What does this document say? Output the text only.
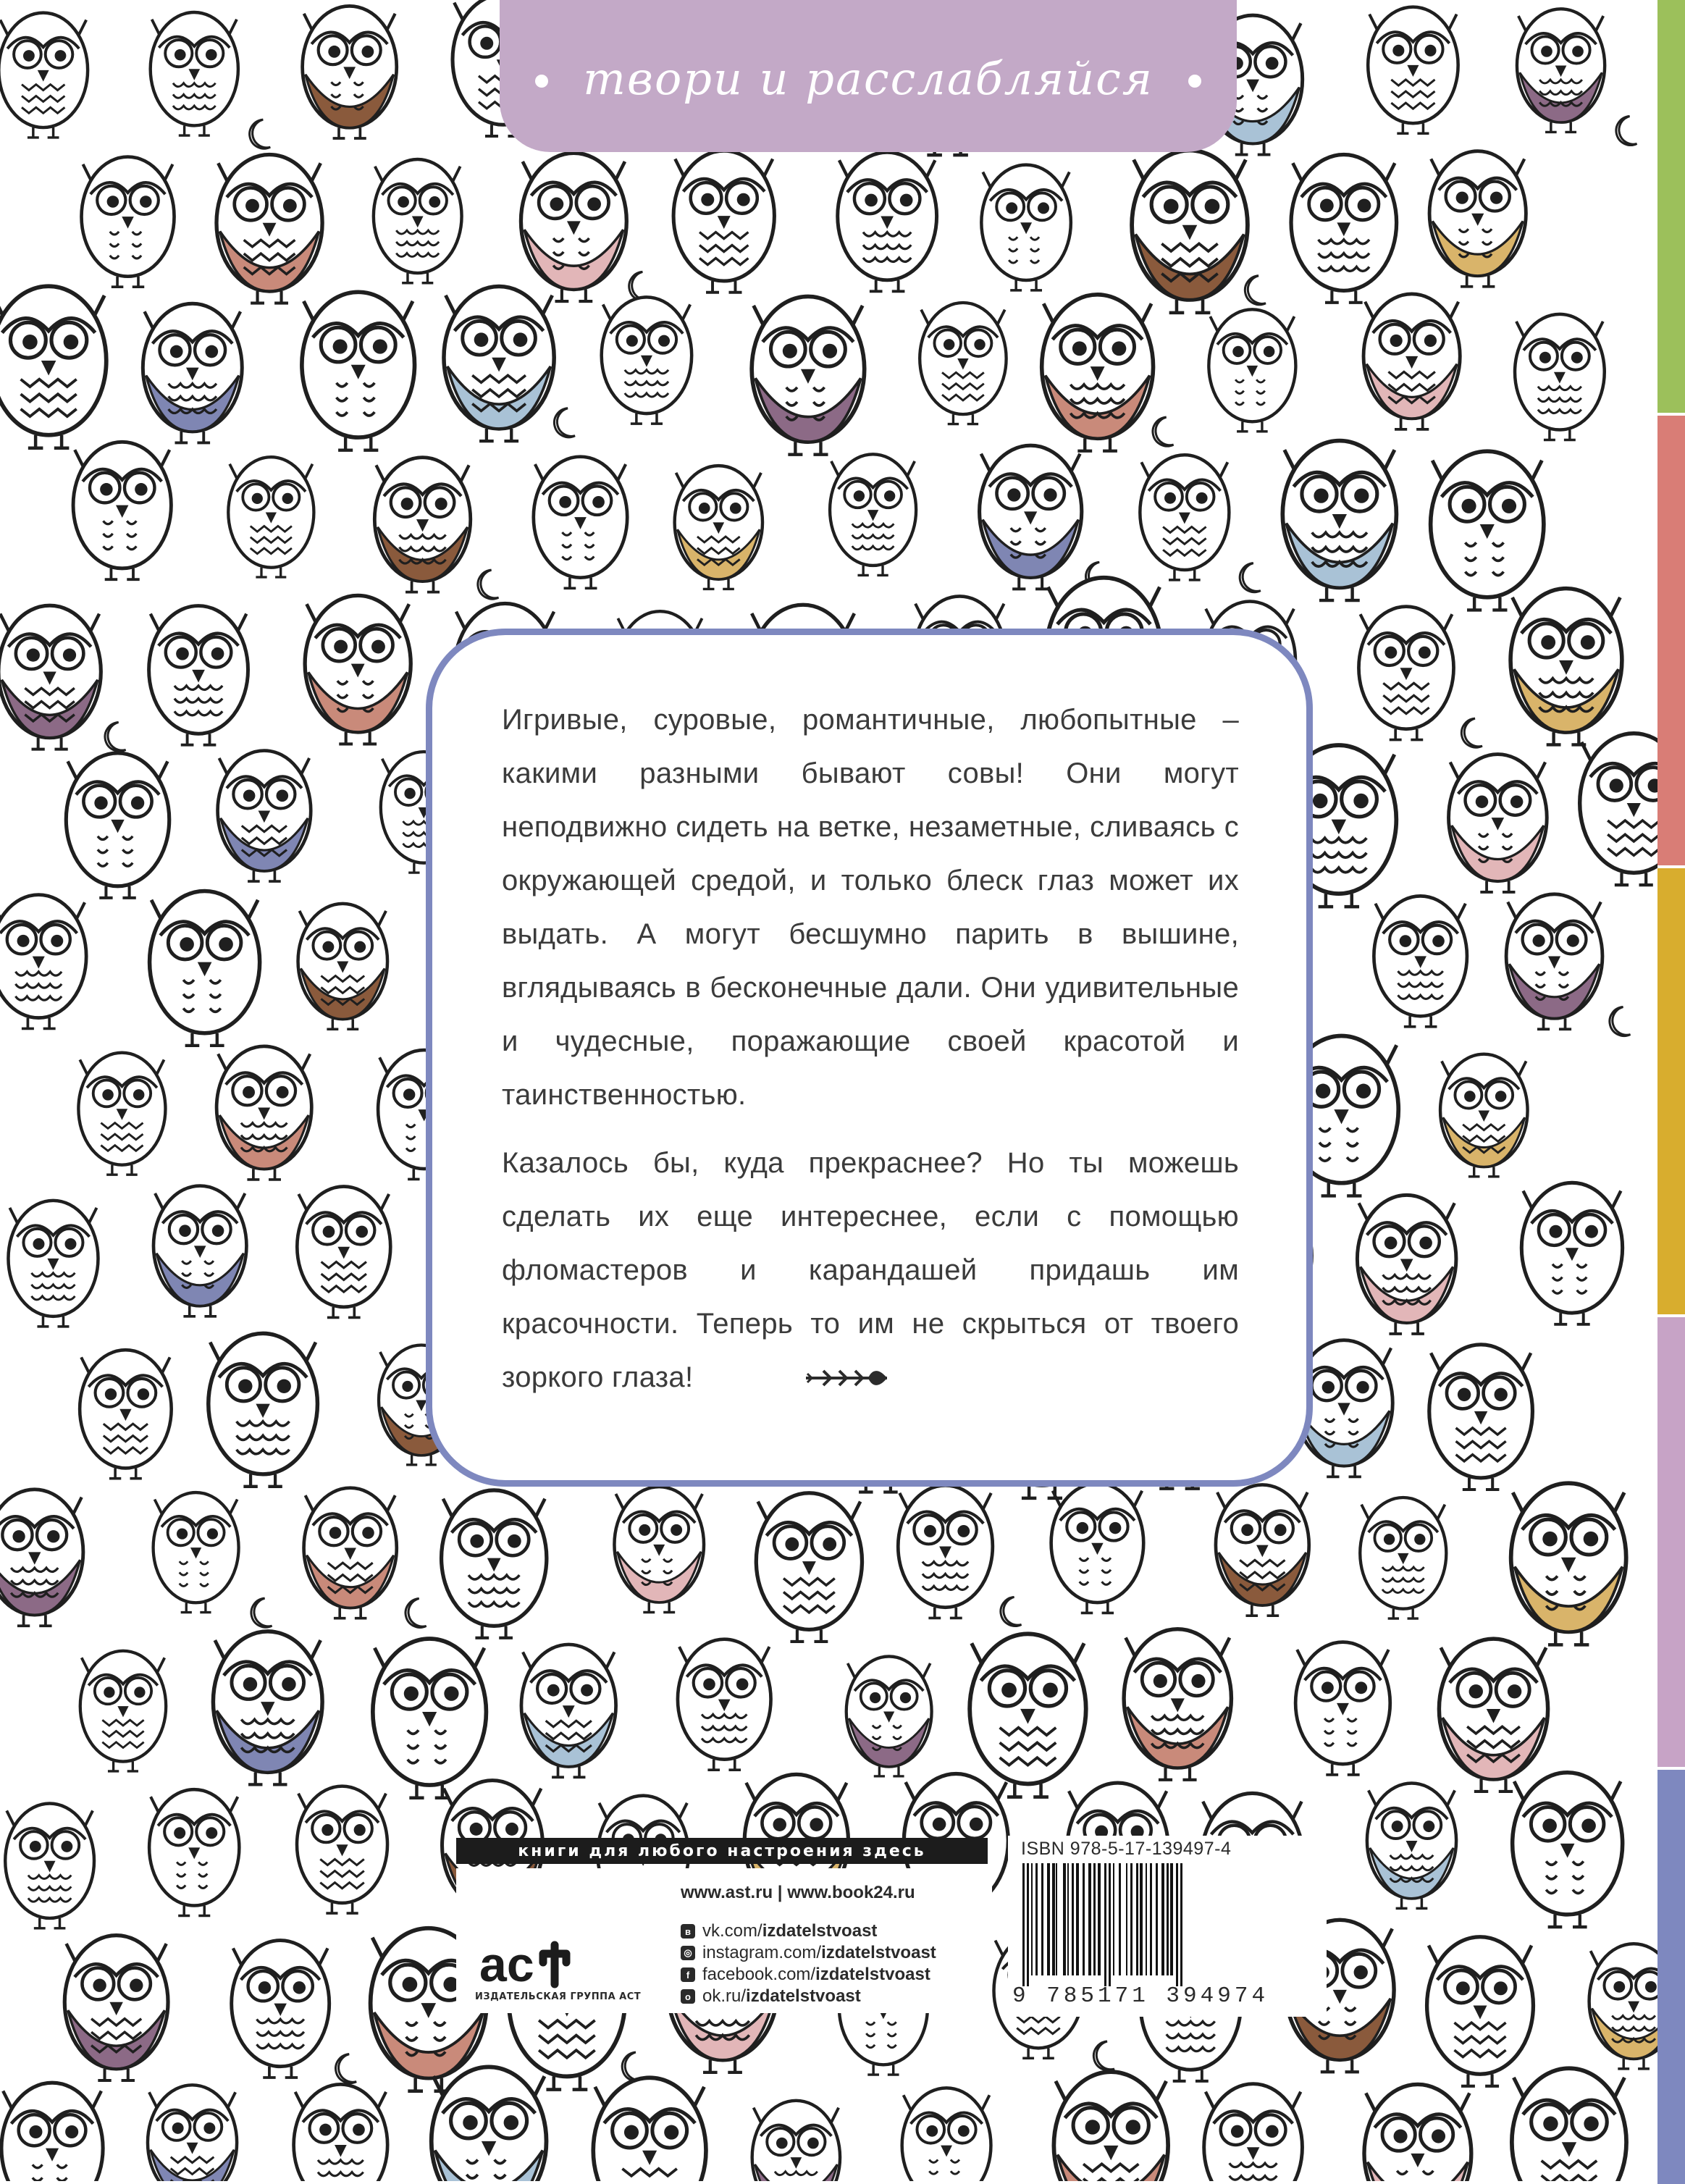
твори и расслабляйся

Игривые, суровые, романтичные, любопытные – какими разными бывают совы! Они могут неподвижно сидеть на ветке, незаметные, сливаясь с окружающей средой, и только блеск глаз может их выдать. А могут бесшумно парить в вышине, вглядываясь в бесконечные дали. Они удивительные и чудесные, поражающие своей красотой и таинственностью.

Казалось бы, куда прекраснее? Но ты можешь сделать их еще интереснее, если с помощью фломастеров и карандашей придашь им красочности. Теперь то им не скрыться от твоего зоркого глаза!

книги для любого настроения здесь
www.ast.ru | www.book24.ru
ас
ИЗДАТЕЛЬСКАЯ ГРУППА АСТ
в vk.com/ izdatelstvoast
◎ instagram.com/ izdatelstvoast
f facebook.com/ izdatelstvoast
о ok.ru/ izdatelstvoast
ISBN 978-5-17-139497-4
9 785171 394974
